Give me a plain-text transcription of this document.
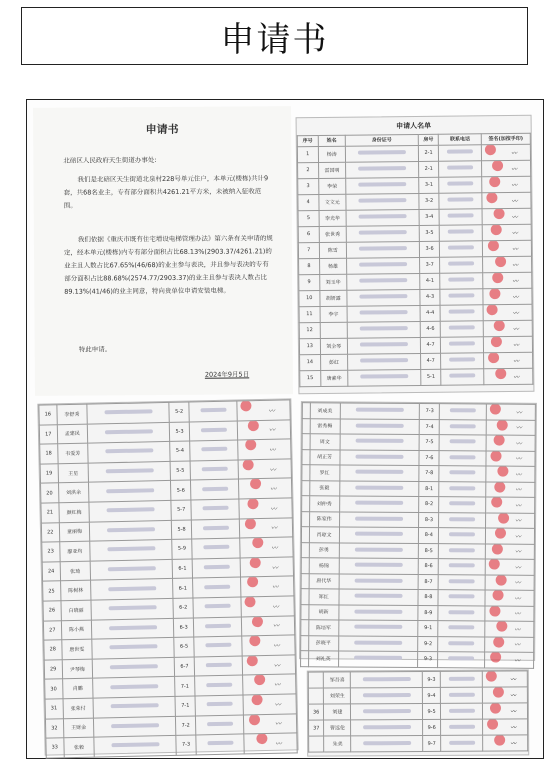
申请书
申请书
北碚区人民政府天生街道办事处:
我们是北碚区天生街道北泉村228号单元住户，本单元(楼栋)共计9套，共68名业主，专有部分面积共4261.21平方米，未被纳入征收范围。
我们依据《重庆市既有住宅增设电梯管理办法》第六条有关申请的规定，经本单元(楼栋)内专有部分面积占比68.13%(2903.37/4261.21)的业主且人数占比67.65%(46/68)的业主参与表决，并且参与表决的专有部分面积占比88.68%(2574.77/2903.37)的业主且参与表决人数占比89.13%(41/46)的业主同意，特向贵单位申请安装电梯。
特此申请。
2024年9月5日
申请人名单
序号	姓名	身份证号	房号	联系电话	签名(加按手印)
1	杨涛		2-1		〰
2	雷国明		2-1		〰
3	李荣		3-1		〰
4	文文元		3-2		〰
5	李光华		3-4		〰
6	张世秀		3-5		〰
7	陈雪		3-6		〰
8	杨雄		3-7		〰
9	刘玉华		4-1		〰
10	胡妍露		4-3		〰
11	李宇		4-4		〰
12			4-6		〰
13	刘全琴		4-7		〰
14	彭红		4-7		〰
15	唐素华		5-1		〰
16	李舒秀		5-2		〰
17	孟建民		5-3		〰
18	韦爱芳		5-4		〰
19	王星		5-5		〰
20	刘洪余		5-6		〰
21	颜红梅		5-7		〰
22	童丽梅		5-8		〰
23	廖亚均		5-9		〰
24	张琦		6-1		〰
25	陈树林		6-1		〰
26	白晓丽		6-2		〰
27	陈小燕		6-3		〰
28	唐世雯		6-5		〰
29	尹琴梅		6-7		〰
30	肖鹏		7-1		〰
31	张荣付		7-1		〰
32	王财金		7-2		〰
33	张毅		7-3		〰
	刘成美		7-3		〰
	雷秀梅		7-4		〰
	周文		7-5		〰
	胡正芳		7-6		〰
	罗红		7-8		〰
	张毅		8-1		〰
	刘仲秀		8-2		〰
	陈家伟		8-3		〰
	肖琼文		8-4		〰
	彭勇		8-5		〰
	杨锦		8-6		〰
	唐代华		8-7		〰
	郑红		8-8		〰
	胡新		8-9		〰
	陈培军		9-1		〰
	彭晓平		9-2		〰
	刘礼英		9-3		〰
	邹吾喜		9-3		〰
	刘荣生		9-4		〰
36	刘建		9-5		〰
37	曹远伦		9-6		〰
	朱美		9-7		〰
